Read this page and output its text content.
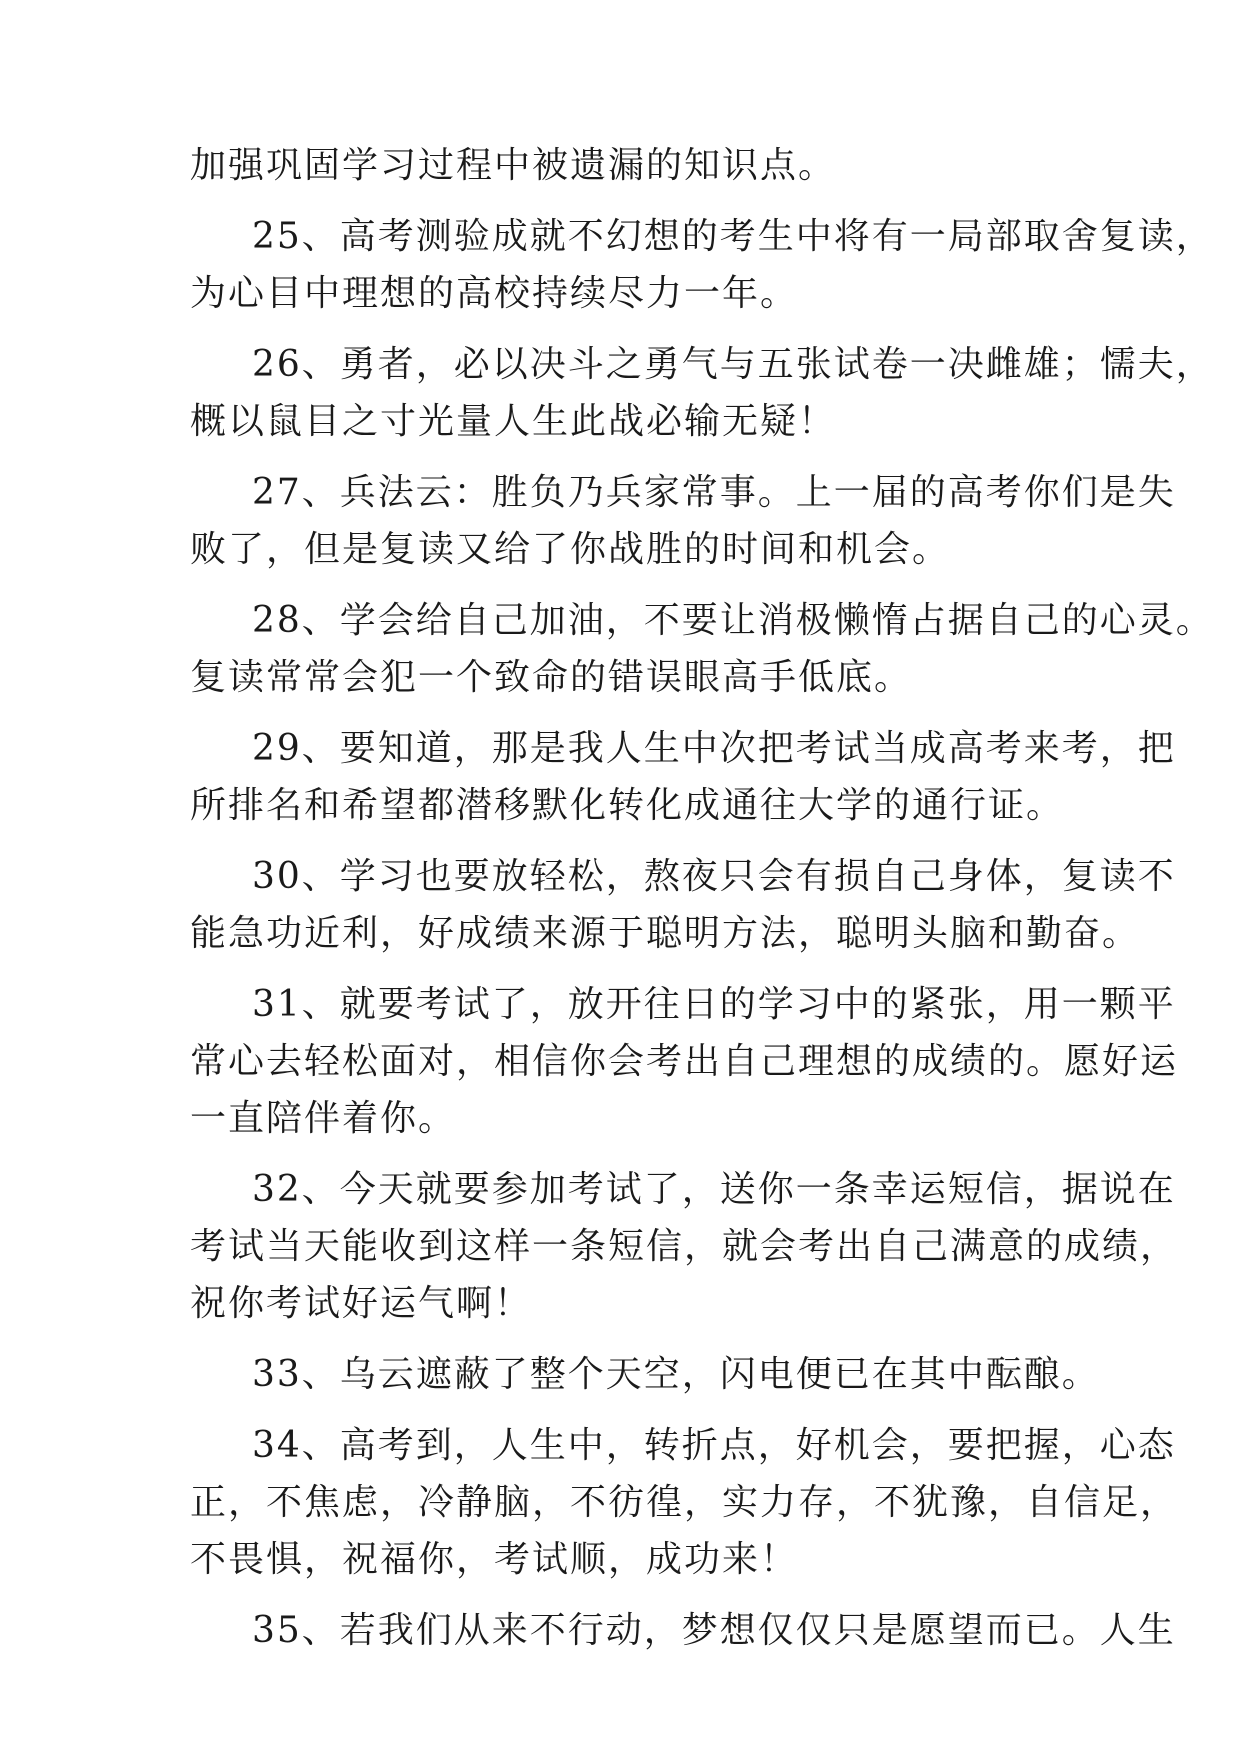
加强巩固学习过程中被遗漏的知识点。
25、高考测验成就不幻想的考生中将有一局部取舍复读，
为心目中理想的高校持续尽力一年。
26、勇者，必以决斗之勇气与五张试卷一决雌雄；懦夫，
概以鼠目之寸光量人生此战必输无疑！
27、兵法云：胜负乃兵家常事。上一届的高考你们是失
败了，但是复读又给了你战胜的时间和机会。
28、学会给自己加油，不要让消极懒惰占据自己的心灵。
复读常常会犯一个致命的错误眼高手低底。
29、要知道，那是我人生中次把考试当成高考来考，把
所排名和希望都潜移默化转化成通往大学的通行证。
30、学习也要放轻松，熬夜只会有损自己身体，复读不
能急功近利，好成绩来源于聪明方法，聪明头脑和勤奋。
31、就要考试了，放开往日的学习中的紧张，用一颗平
常心去轻松面对，相信你会考出自己理想的成绩的。愿好运
一直陪伴着你。
32、今天就要参加考试了，送你一条幸运短信，据说在
考试当天能收到这样一条短信，就会考出自己满意的成绩，
祝你考试好运气啊！
33、乌云遮蔽了整个天空，闪电便已在其中酝酿。
34、高考到，人生中，转折点，好机会，要把握，心态
正，不焦虑，冷静脑，不彷徨，实力存，不犹豫，自信足，
不畏惧，祝福你，考试顺，成功来！
35、若我们从来不行动，梦想仅仅只是愿望而已。人生
